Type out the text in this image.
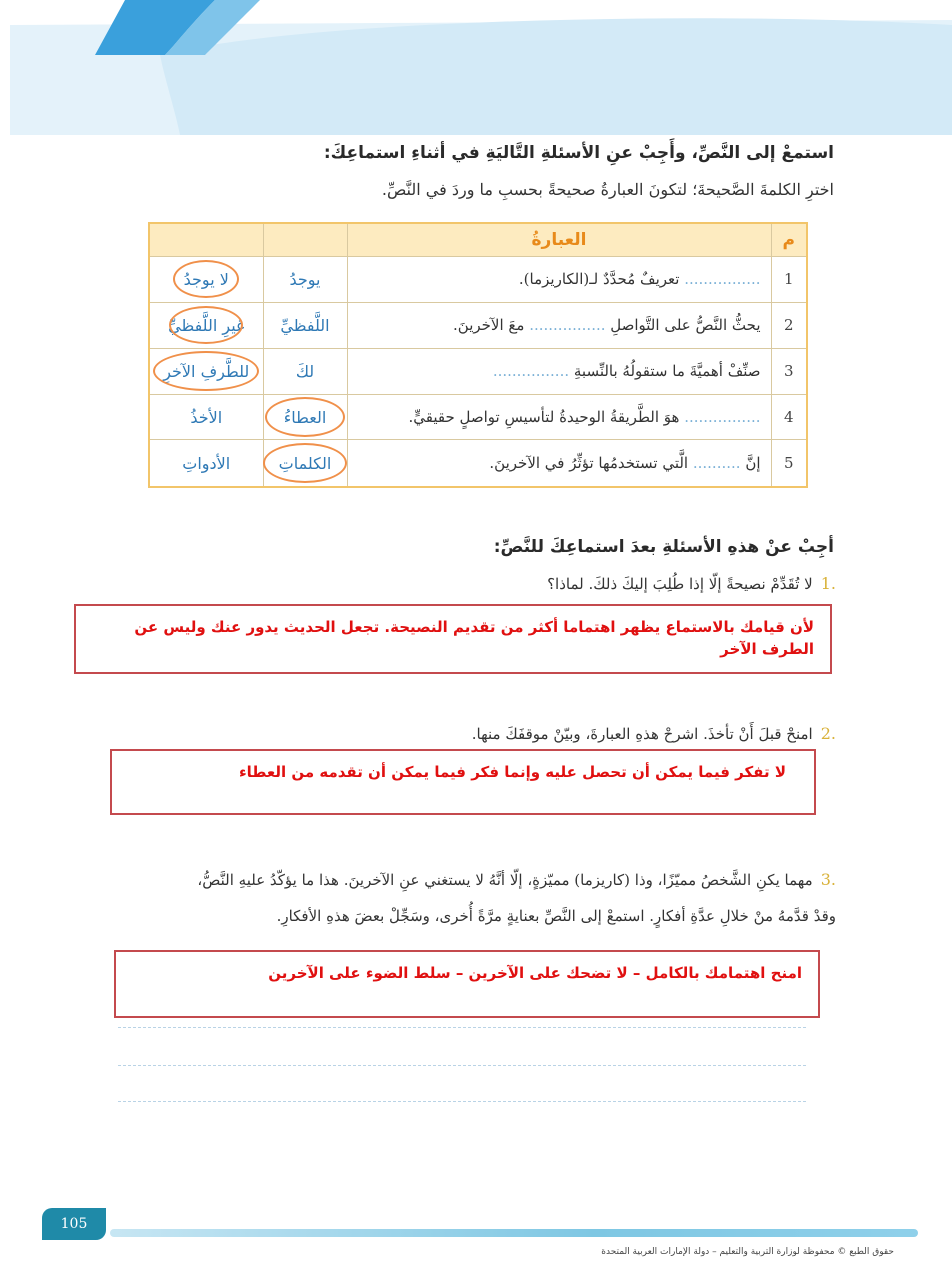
استمعْ إلى النَّصِّ، وأَجِبْ عنِ الأسئلةِ التَّاليَةِ في أثناءِ استماعِكَ:
اخترِ الكلمةَ الصَّحيحةَ؛ لتكونَ العبارةُ صحيحةً بحسبِ ما وردَ في النَّصِّ.
م	العبارةُ		
1	................ تعريفٌ مُحدَّدٌ لـ(الكاريزما).	يوجدُ	لا يوجدُ

2	يحثُّ النَّصُّ على التَّواصلِ ................ معَ الآخرينَ.	اللَّفظيِّ	غيرِ اللَّفظيِّ

3	صنِّفْ أهميَّةَ ما ستقولُهُ بالنِّسبةِ ................	لكَ	للطَّرفِ الآخرِ

4	................ هوَ الطَّريقةُ الوحيدةُ لتأسيسِ تواصلٍ حقيقيٍّ.	العطاءُ	الأخذُ
5	إنَّ .......... الَّتي تستخدمُها تؤثِّرُ في الآخرينَ.	الكلماتِ	الأدواتِ
أجِبْ عنْ هذهِ الأسئلةِ بعدَ استماعِكَ للنَّصِّ:
.1لا تُقَدِّمْ نصيحةً إلّا إذا طُلِبَ إليكَ ذلكَ. لماذا؟
لأن قيامك بالاستماع يظهر اهتماما أكثر من تقديم النصيحة. تجعل الحديث يدور عنك وليس عن الطرف الآخر
.2امنحْ قبلَ أَنْ تأخذَ. اشرحْ هذهِ العبارةَ، وبيّنْ موقفَكَ منها.
لا تفكر فيما يمكن أن تحصل عليه وإنما فكر فيما يمكن أن تقدمه من العطاء
.3مهما يكنِ الشَّخصُ مميّزًا، وذا (كاريزما) مميّزةٍ، إلّا أنَّهُ لا يستغني عنِ الآخرينَ. هذا ما يؤكّدُ عليهِ النَّصُّ،
وقدْ قدَّمهُ منْ خلالِ عدَّةِ أفكارٍ. استمعْ إلى النَّصِّ بعنايةٍ مرَّةً أُخرى، وسَجِّلْ بعضَ هذهِ الأفكارِ.
امنح اهتمامك بالكامل – لا تضحك على الآخرين – سلط الضوء على الآخرين
105
حقوق الطبع © محفوظة لوزارة التربية والتعليم – دولة الإمارات العربية المتحدة
